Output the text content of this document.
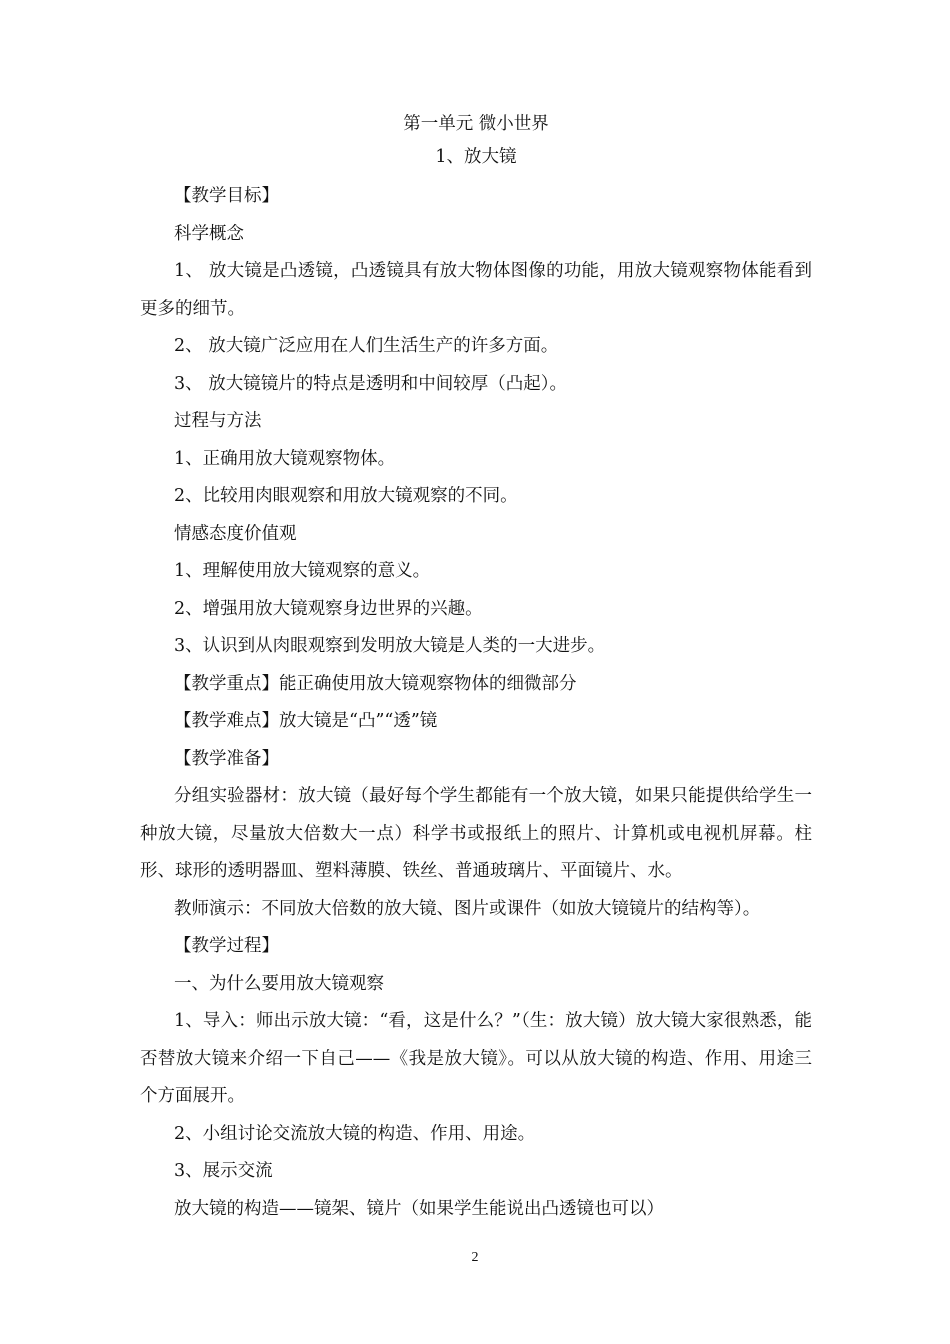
第一单元 微小世界

1、放大镜

【教学目标】

科学概念

1、 放大镜是凸透镜，凸透镜具有放大物体图像的功能，用放大镜观察物体能看到更多的细节。

2、 放大镜广泛应用在人们生活生产的许多方面。

3、 放大镜镜片的特点是透明和中间较厚（凸起）。

过程与方法

1、正确用放大镜观察物体。

2、比较用肉眼观察和用放大镜观察的不同。

情感态度价值观

1、理解使用放大镜观察的意义。

2、增强用放大镜观察身边世界的兴趣。

3、认识到从肉眼观察到发明放大镜是人类的一大进步。

【教学重点】能正确使用放大镜观察物体的细微部分

【教学难点】放大镜是“凸”“透”镜

【教学准备】

分组实验器材：放大镜（最好每个学生都能有一个放大镜，如果只能提供给学生一种放大镜，尽量放大倍数大一点）科学书或报纸上的照片、计算机或电视机屏幕。柱形、球形的透明器皿、塑料薄膜、铁丝、普通玻璃片、平面镜片、水。

教师演示：不同放大倍数的放大镜、图片或课件（如放大镜镜片的结构等）。

【教学过程】

一、为什么要用放大镜观察

1、导入：师出示放大镜：“看，这是什么？”（生：放大镜）放大镜大家很熟悉，能否替放大镜来介绍一下自己——《我是放大镜》。可以从放大镜的构造、作用、用途三个方面展开。

2、小组讨论交流放大镜的构造、作用、用途。

3、展示交流

放大镜的构造——镜架、镜片（如果学生能说出凸透镜也可以）

2
